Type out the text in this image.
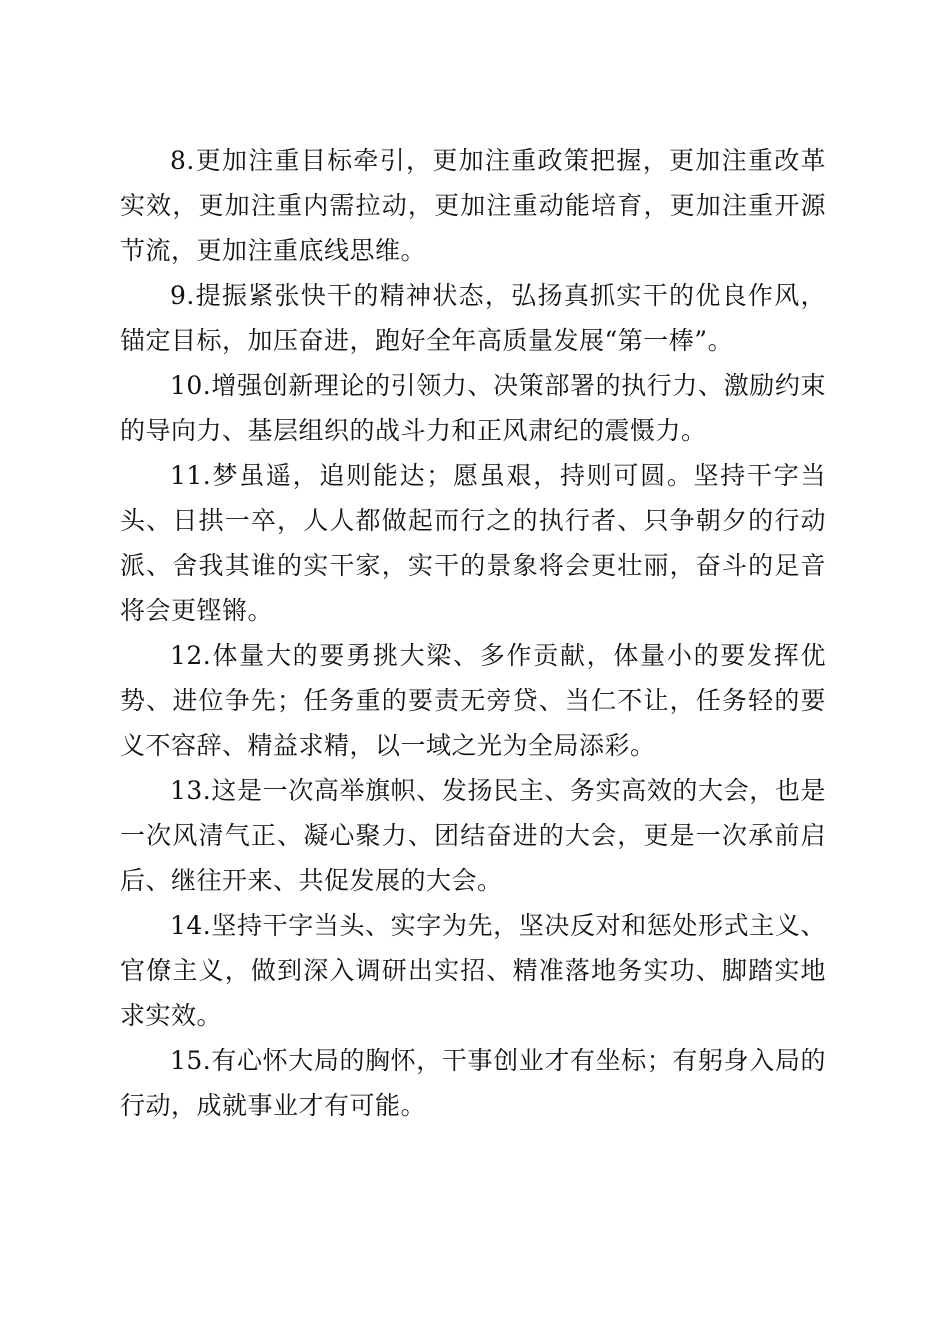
8.更加注重目标牵引，更加注重政策把握，更加注重改革实效，更加注重内需拉动，更加注重动能培育，更加注重开源节流，更加注重底线思维。

9.提振紧张快干的精神状态，弘扬真抓实干的优良作风，锚定目标，加压奋进，跑好全年高质量发展“第一棒”。

10.增强创新理论的引领力、决策部署的执行力、激励约束的导向力、基层组织的战斗力和正风肃纪的震慑力。

11.梦虽遥，追则能达；愿虽艰，持则可圆。坚持干字当头、日拱一卒，人人都做起而行之的执行者、只争朝夕的行动派、舍我其谁的实干家，实干的景象将会更壮丽，奋斗的足音将会更铿锵。

12.体量大的要勇挑大梁、多作贡献，体量小的要发挥优势、进位争先；任务重的要责无旁贷、当仁不让，任务轻的要义不容辞、精益求精，以一域之光为全局添彩。

13.这是一次高举旗帜、发扬民主、务实高效的大会，也是一次风清气正、凝心聚力、团结奋进的大会，更是一次承前启后、继往开来、共促发展的大会。

14.坚持干字当头、实字为先，坚决反对和惩处形式主义、官僚主义，做到深入调研出实招、精准落地务实功、脚踏实地求实效。

15.有心怀大局的胸怀，干事创业才有坐标；有躬身入局的行动，成就事业才有可能。
